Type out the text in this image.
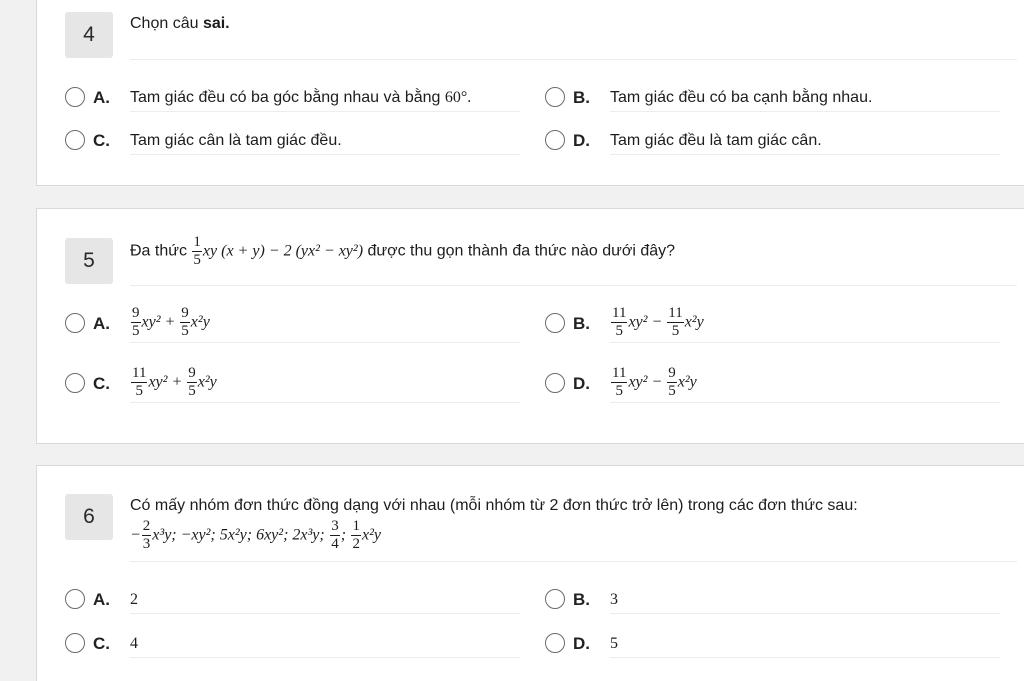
4	Chọn câu sai.
A. Tam giác đều có ba góc bằng nhau và bằng 60°.	B. Tam giác đều có ba cạnh bằng nhau.
C. Tam giác cân là tam giác đều.	D. Tam giác đều là tam giác cân.
5	Đa thức $\frac{1}{5}$ xy (x + y) − 2 (yx² − xy²) được thu gọn thành đa thức nào dưới đây?
A. $\frac{9}{5} xy^2 + \frac{9}{5} x^2y$	B. $\frac{11}{5} xy^2 - \frac{11}{5} x^2y$
C. $\frac{11}{5} xy^2 + \frac{9}{5} x^2y$	D. $\frac{11}{5} xy^2 - \frac{9}{5} x^2y$
6	Có mấy nhóm đơn thức đồng dạng với nhau (mỗi nhóm từ 2 đơn thức trở lên) trong các đơn thức sau:
− $\frac{2}{3} x^3y$; −xy²; 5x²y; 6xy²; 2x³y; $\frac{3}{4}$ ; $\frac{1}{2} x^2y$
A. 2	B. 3
C. 4	D. 5
